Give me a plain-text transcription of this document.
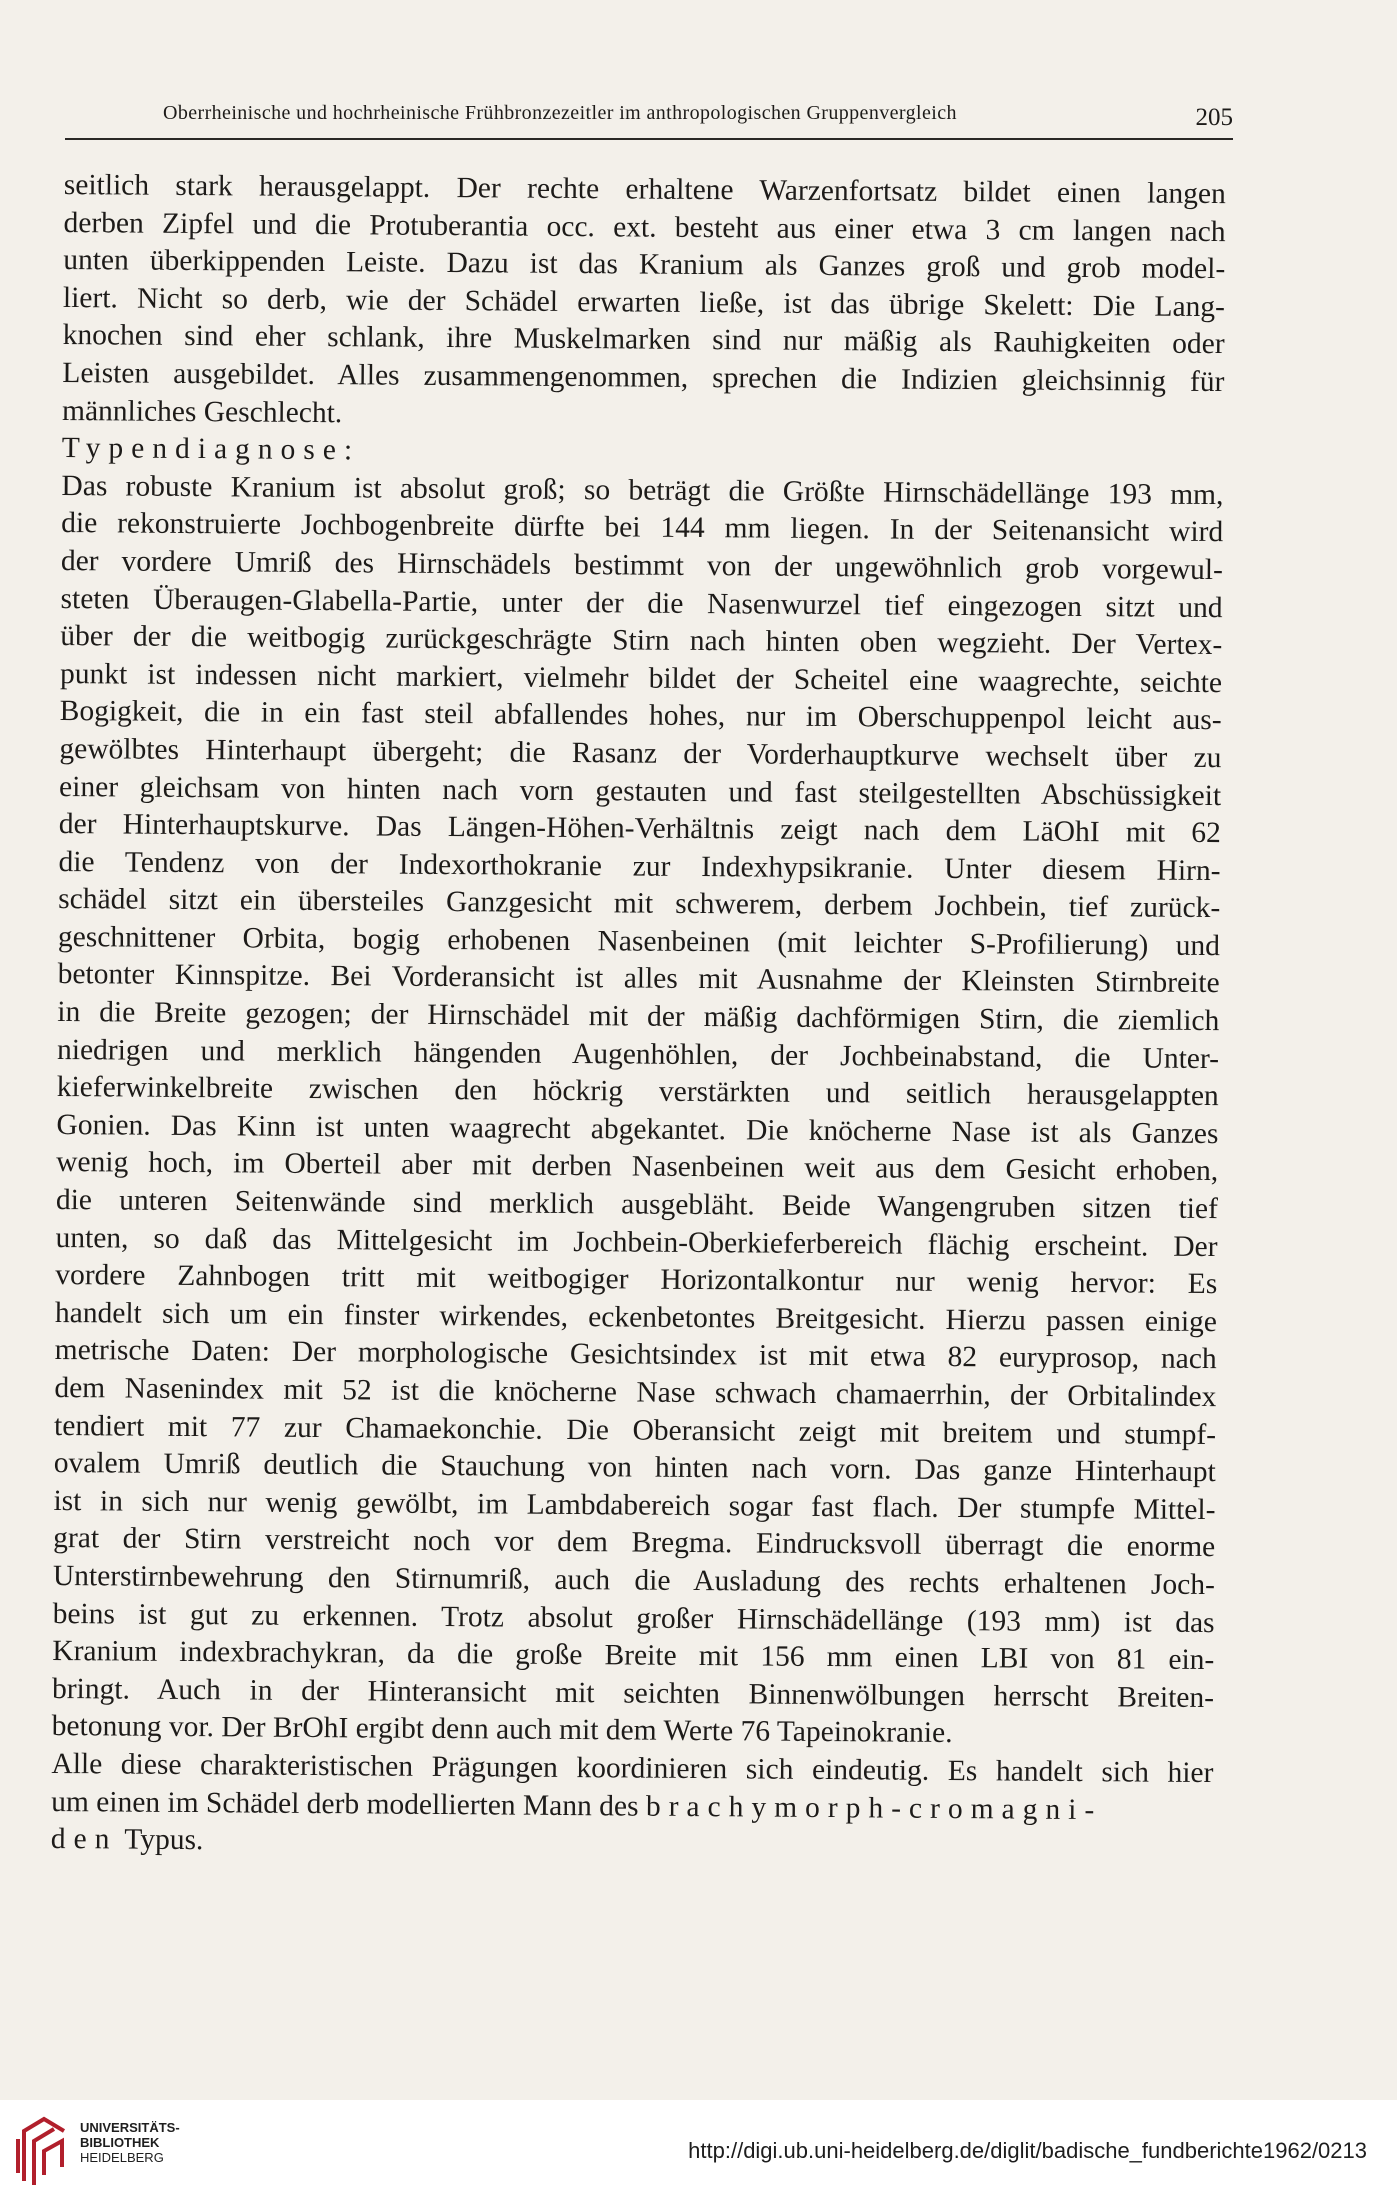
Oberrheinische und hochrheinische Frühbronzezeitler im anthropologischen Gruppenvergleich	205
seitlich stark herausgelappt. Der rechte erhaltene Warzenfortsatz bildet einen langen
derben Zipfel und die Protuberantia occ. ext. besteht aus einer etwa 3 cm langen nach
unten überkippenden Leiste. Dazu ist das Kranium als Ganzes groß und grob model-
liert. Nicht so derb, wie der Schädel erwarten ließe, ist das übrige Skelett: Die Lang-
knochen sind eher schlank, ihre Muskelmarken sind nur mäßig als Rauhigkeiten oder
Leisten ausgebildet. Alles zusammengenommen, sprechen die Indizien gleichsinnig für
männliches Geschlecht.
Typendiagnose:
Das robuste Kranium ist absolut groß; so beträgt die Größte Hirnschädellänge 193 mm,
die rekonstruierte Jochbogenbreite dürfte bei 144 mm liegen. In der Seitenansicht wird
der vordere Umriß des Hirnschädels bestimmt von der ungewöhnlich grob vorgewul-
steten Überaugen-Glabella-Partie, unter der die Nasenwurzel tief eingezogen sitzt und
über der die weitbogig zurückgeschrägte Stirn nach hinten oben wegzieht. Der Vertex-
punkt ist indessen nicht markiert, vielmehr bildet der Scheitel eine waagrechte, seichte
Bogigkeit, die in ein fast steil abfallendes hohes, nur im Oberschuppenpol leicht aus-
gewölbtes Hinterhaupt übergeht; die Rasanz der Vorderhauptkurve wechselt über zu
einer gleichsam von hinten nach vorn gestauten und fast steilgestellten Abschüssigkeit
der Hinterhauptskurve. Das Längen-Höhen-Verhältnis zeigt nach dem LäOhI mit 62
die Tendenz von der Indexorthokranie zur Indexhypsikranie. Unter diesem Hirn-
schädel sitzt ein übersteiles Ganzgesicht mit schwerem, derbem Jochbein, tief zurück-
geschnittener Orbita, bogig erhobenen Nasenbeinen (mit leichter S-Profilierung) und
betonter Kinnspitze. Bei Vorderansicht ist alles mit Ausnahme der Kleinsten Stirnbreite
in die Breite gezogen; der Hirnschädel mit der mäßig dachförmigen Stirn, die ziemlich
niedrigen und merklich hängenden Augenhöhlen, der Jochbeinabstand, die Unter-
kieferwinkelbreite zwischen den höckrig verstärkten und seitlich herausgelappten
Gonien. Das Kinn ist unten waagrecht abgekantet. Die knöcherne Nase ist als Ganzes
wenig hoch, im Oberteil aber mit derben Nasenbeinen weit aus dem Gesicht erhoben,
die unteren Seitenwände sind merklich ausgebläht. Beide Wangengruben sitzen tief
unten, so daß das Mittelgesicht im Jochbein-Oberkieferbereich flächig erscheint. Der
vordere Zahnbogen tritt mit weitbogiger Horizontalkontur nur wenig hervor: Es
handelt sich um ein finster wirkendes, eckenbetontes Breitgesicht. Hierzu passen einige
metrische Daten: Der morphologische Gesichtsindex ist mit etwa 82 euryprosop, nach
dem Nasenindex mit 52 ist die knöcherne Nase schwach chamaerrhin, der Orbitalindex
tendiert mit 77 zur Chamaekonchie. Die Oberansicht zeigt mit breitem und stumpf-
ovalem Umriß deutlich die Stauchung von hinten nach vorn. Das ganze Hinterhaupt
ist in sich nur wenig gewölbt, im Lambdabereich sogar fast flach. Der stumpfe Mittel-
grat der Stirn verstreicht noch vor dem Bregma. Eindrucksvoll überragt die enorme
Unterstirnbewehrung den Stirnumriß, auch die Ausladung des rechts erhaltenen Joch-
beins ist gut zu erkennen. Trotz absolut großer Hirnschädellänge (193 mm) ist das
Kranium indexbrachykran, da die große Breite mit 156 mm einen LBI von 81 ein-
bringt. Auch in der Hinteransicht mit seichten Binnenwölbungen herrscht Breiten-
betonung vor. Der BrOhI ergibt denn auch mit dem Werte 76 Tapeinokranie.
Alle diese charakteristischen Prägungen koordinieren sich eindeutig. Es handelt sich hier
um einen im Schädel derb modellierten Mann des brachymorph-cromagni-
den Typus.
UNIVERSITÄTS-
BIBLIOTHEK
HEIDELBERG	http://digi.ub.uni-heidelberg.de/diglit/badische_fundberichte1962/0213
